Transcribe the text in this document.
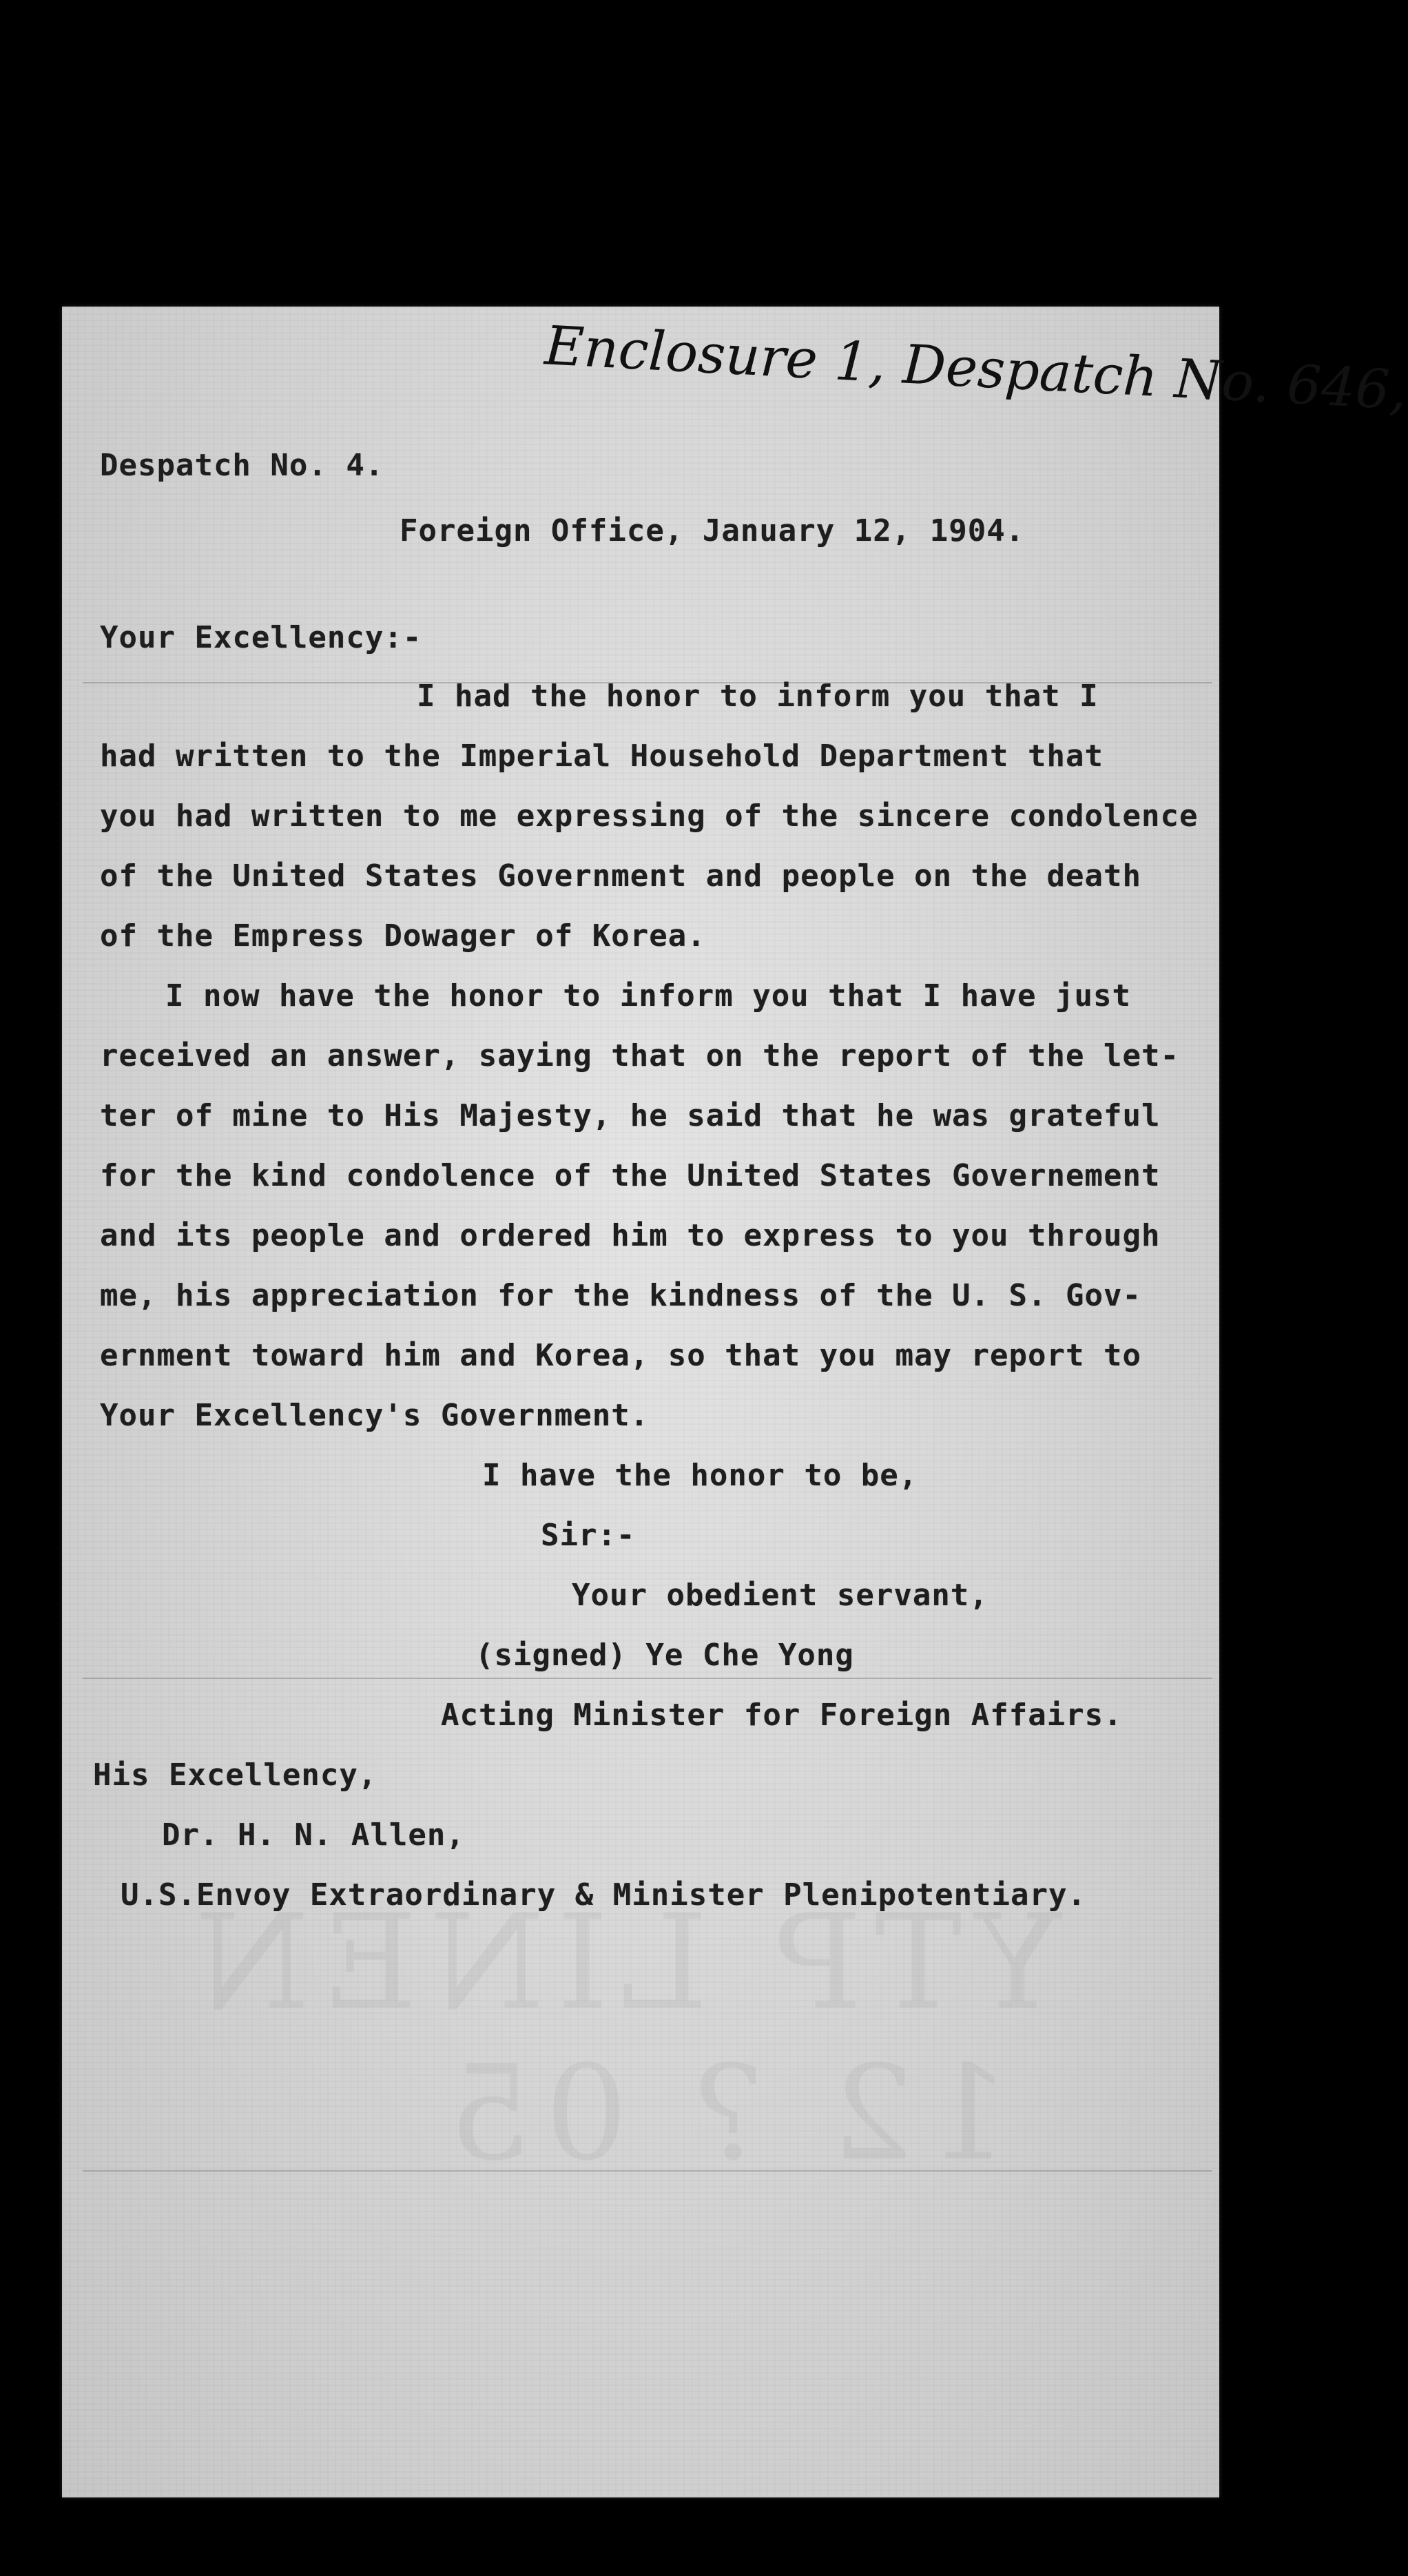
Enclosure 1, Despatch No. 646,
Despatch No. 4.
Foreign Office, January 12, 1904.
Your Excellency:-
I had the honor to inform you that I
had written to the Imperial Household Department that
you had written to me expressing of the sincere condolence
of the United States Government and people on the death
of the Empress Dowager of Korea.
I now have the honor to inform you that I have just
received an answer, saying that on the report of the let-
ter of mine to His Majesty, he said that he was grateful
for the kind condolence of the United States Governement
and its people and ordered him to express to you through
me, his appreciation for the kindness of the U. S. Gov-
ernment toward him and Korea, so that you may report to
Your Excellency's Government.
I have the honor to be,
Sir:-
Your obedient servant,
(signed) Ye Che Yong
Acting Minister for Foreign Affairs.
His Excellency,
Dr. H. N. Allen,
U.S.Envoy Extraordinary & Minister Plenipotentiary.
